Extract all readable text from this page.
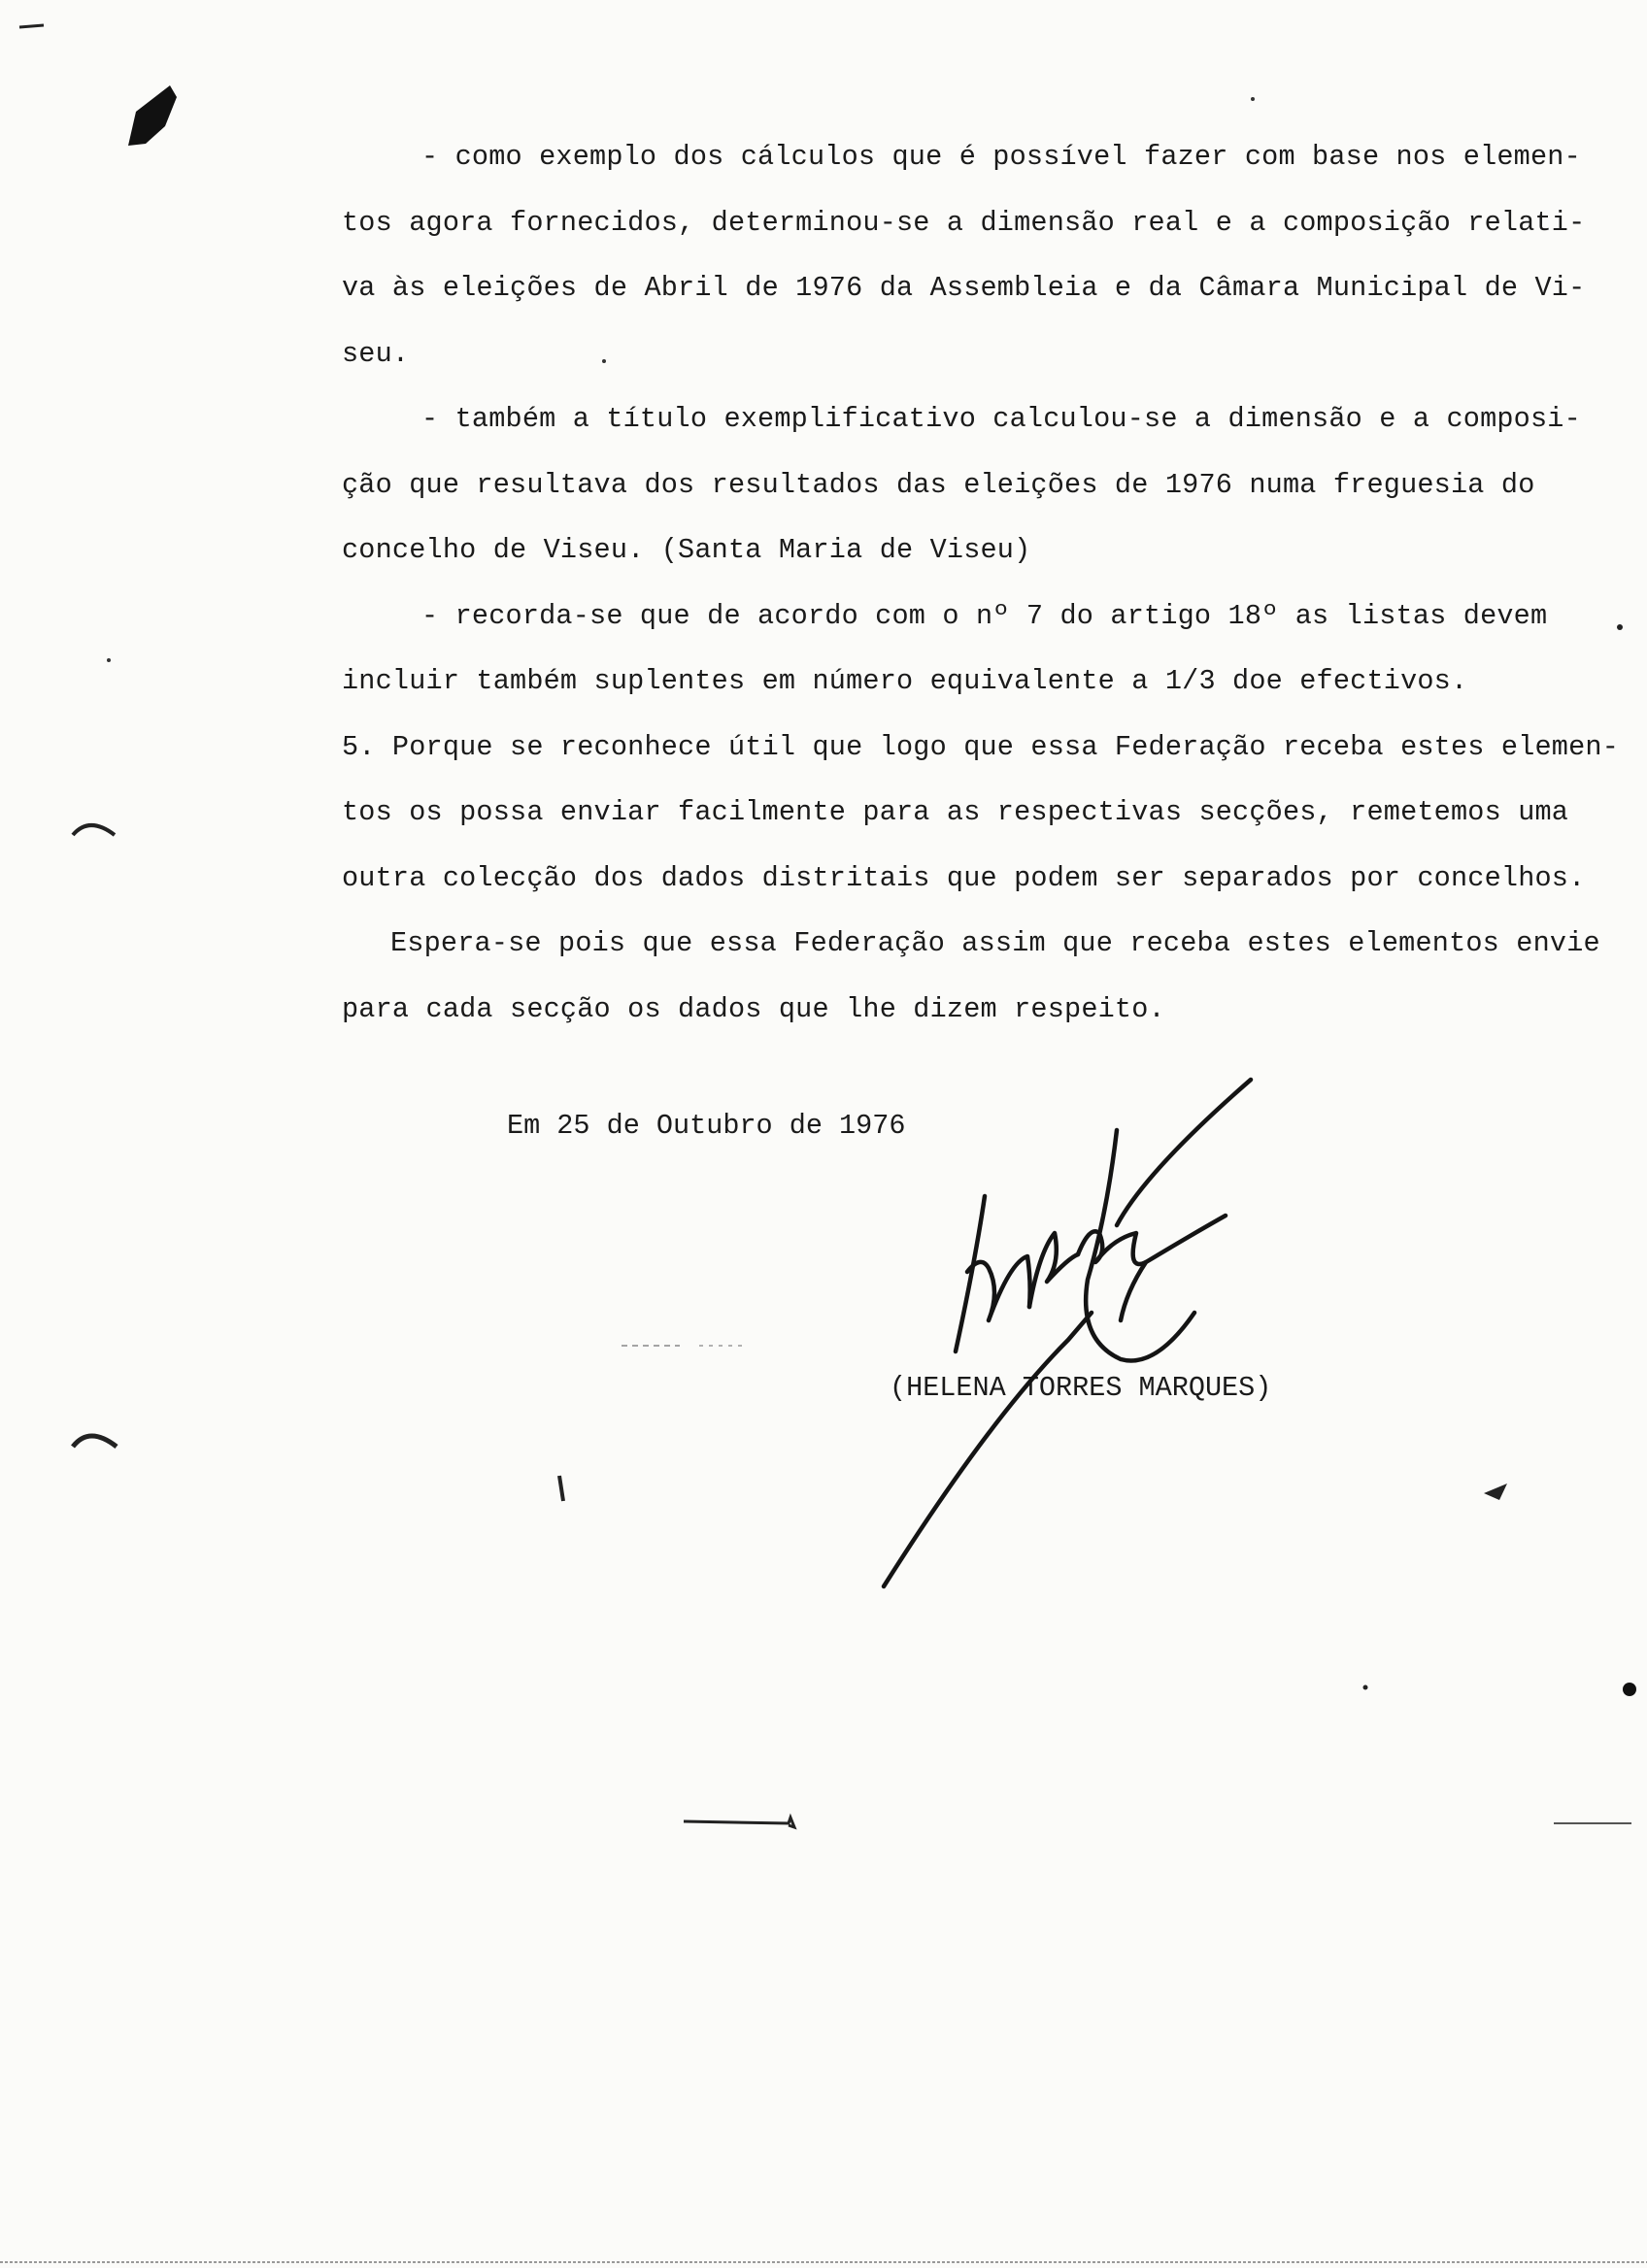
- como exemplo dos cálculos que é possível fazer com base nos elemen-
tos agora fornecidos, determinou-se a dimensão real e a composição relati-
va às eleições de Abril de 1976 da Assembleia e da Câmara Municipal de Vi-
seu.
- também a título exemplificativo calculou-se a dimensão e a composi-
ção que resultava dos resultados das eleições de 1976 numa freguesia do
concelho de Viseu. (Santa Maria de Viseu)
- recorda-se que de acordo com o nº 7 do artigo 18º as listas devem
incluir também suplentes em número equivalente a 1/3 doe efectivos.
5. Porque se reconhece útil que logo que essa Federação receba estes elemen-
tos os possa enviar facilmente para as respectivas secções, remetemos uma
outra colecção dos dados distritais que podem ser separados por concelhos.
Espera-se pois que essa Federação assim que receba estes elementos envie
para cada secção os dados que lhe dizem respeito.
Em 25 de Outubro de 1976
(HELENA TORRES MARQUES)
